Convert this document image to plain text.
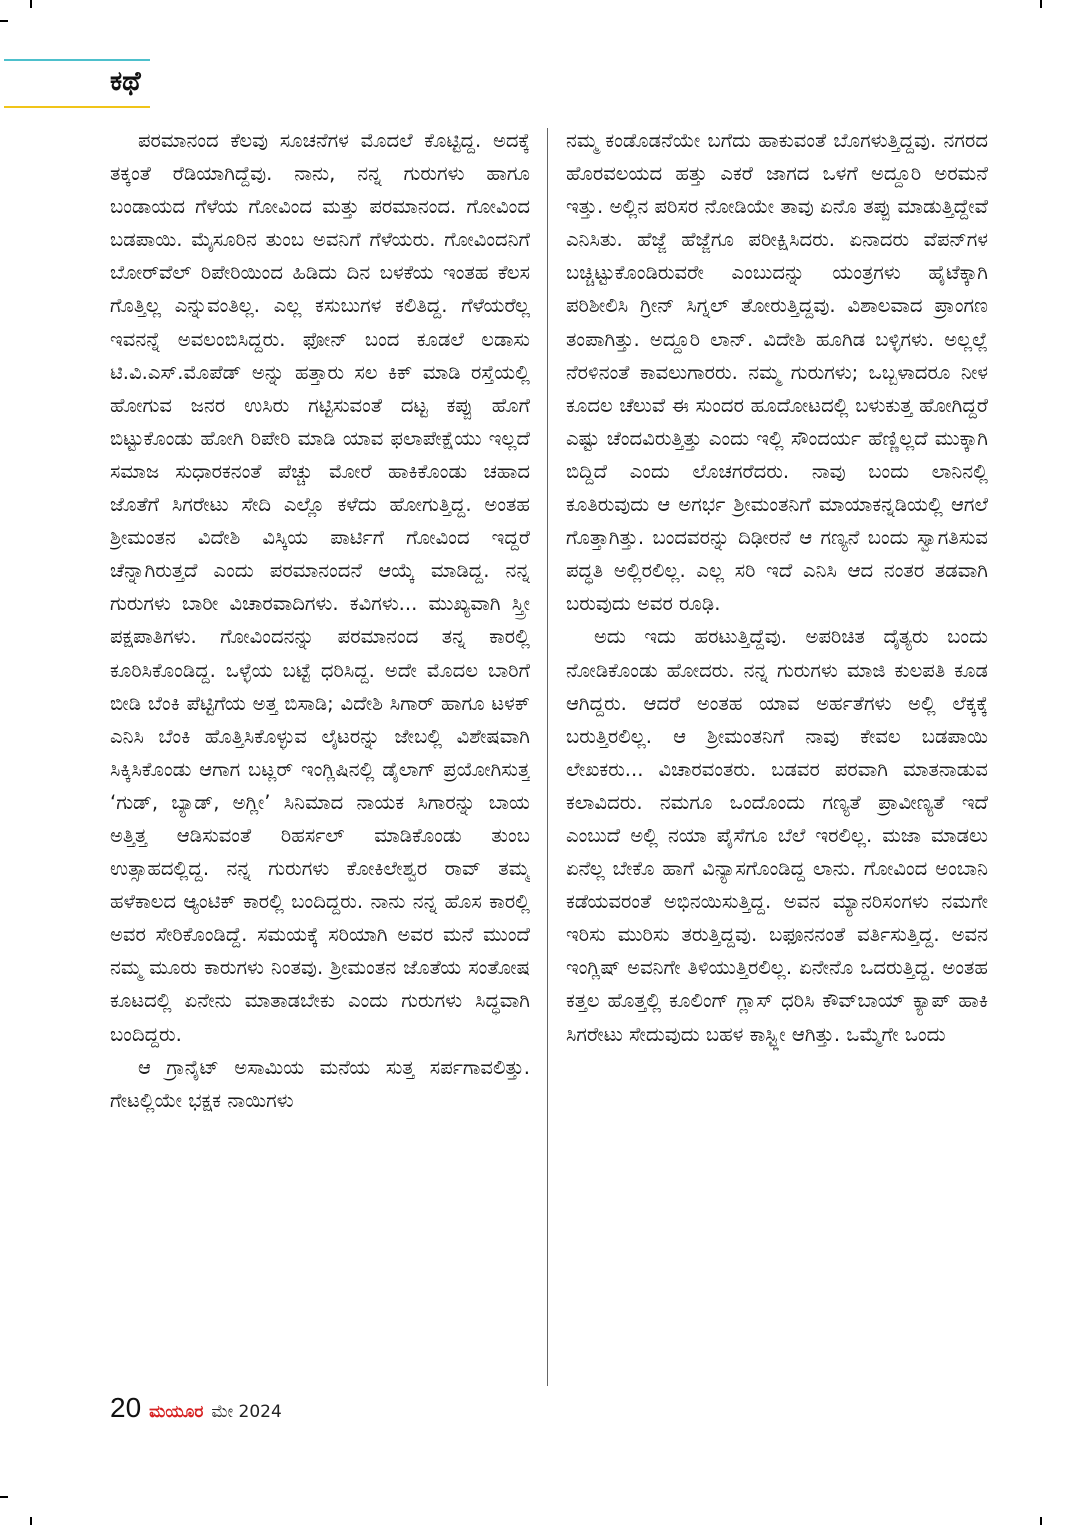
ಕಥೆ

ಪರಮಾನಂದ ಕೆಲವು ಸೂಚನೆಗಳ ಮೊದಲೆ ಕೊಟ್ಟಿದ್ದ. ಅದಕ್ಕೆ ತಕ್ಕಂತೆ ರೆಡಿಯಾಗಿದ್ದೆವು. ನಾನು, ನನ್ನ ಗುರುಗಳು ಹಾಗೂ ಬಂಡಾಯದ ಗೆಳೆಯ ಗೋವಿಂದ ಮತ್ತು ಪರಮಾನಂದ. ಗೋವಿಂದ ಬಡಪಾಯಿ. ಮೈಸೂರಿನ ತುಂಬ ಅವನಿಗೆ ಗೆಳೆಯರು. ಗೋವಿಂದನಿಗೆ ಬೋರ್‌ವೆಲ್ ರಿಪೇರಿಯಿಂದ ಹಿಡಿದು ದಿನ ಬಳಕೆಯ ಇಂತಹ ಕೆಲಸ ಗೊತ್ತಿಲ್ಲ ಎನ್ನುವಂತಿಲ್ಲ. ಎಲ್ಲ ಕಸುಬುಗಳ ಕಲಿತಿದ್ದ. ಗೆಳೆಯರೆಲ್ಲ ಇವನನ್ನೆ ಅವಲಂಬಿಸಿದ್ದರು. ಫೋನ್ ಬಂದ ಕೂಡಲೆ ಲಡಾಸು ಟಿ.ವಿ.ಎಸ್.ಮೊಪೆಡ್ ಅನ್ನು ಹತ್ತಾರು ಸಲ ಕಿಕ್ ಮಾಡಿ ರಸ್ತೆಯಲ್ಲಿ ಹೋಗುವ ಜನರ ಉಸಿರು ಗಟ್ಟಿಸುವಂತೆ ದಟ್ಟ ಕಪ್ಪು ಹೊಗೆ ಬಿಟ್ಟುಕೊಂಡು ಹೋಗಿ ರಿಪೇರಿ ಮಾಡಿ ಯಾವ ಫಲಾಪೇಕ್ಷೆಯು ಇಲ್ಲದೆ ಸಮಾಜ ಸುಧಾರಕನಂತೆ ಪೆಚ್ಚು ಮೋರೆ ಹಾಕಿಕೊಂಡು ಚಹಾದ ಜೊತೆಗೆ ಸಿಗರೇಟು ಸೇದಿ ಎಲ್ಲೊ ಕಳೆದು ಹೋಗುತ್ತಿದ್ದ. ಅಂತಹ ಶ್ರೀಮಂತನ ವಿದೇಶಿ ವಿಸ್ಕಿಯ ಪಾರ್ಟಿಗೆ ಗೋವಿಂದ ಇದ್ದರೆ ಚೆನ್ನಾಗಿರುತ್ತದೆ ಎಂದು ಪರಮಾನಂದನೆ ಆಯ್ಕೆ ಮಾಡಿದ್ದ. ನನ್ನ ಗುರುಗಳು ಬಾರೀ ವಿಚಾರವಾದಿಗಳು. ಕವಿಗಳು... ಮುಖ್ಯವಾಗಿ ಸ್ತ್ರೀ ಪಕ್ಷಪಾತಿಗಳು. ಗೋವಿಂದನನ್ನು ಪರಮಾನಂದ ತನ್ನ ಕಾರಲ್ಲಿ ಕೂರಿಸಿಕೊಂಡಿದ್ದ. ಒಳ್ಳೆಯ ಬಟ್ಟೆ ಧರಿಸಿದ್ದ. ಅದೇ ಮೊದಲ ಬಾರಿಗೆ ಬೀಡಿ ಬೆಂಕಿ ಪೆಟ್ಟಿಗೆಯ ಅತ್ತ ಬಿಸಾಡಿ; ವಿದೇಶಿ ಸಿಗಾರ್ ಹಾಗೂ ಟಳಕ್ ಎನಿಸಿ ಬೆಂಕಿ ಹೊತ್ತಿಸಿಕೊಳ್ಳುವ ಲೈಟರನ್ನು ಜೇಬಲ್ಲಿ ವಿಶೇಷವಾಗಿ ಸಿಕ್ಕಿಸಿಕೊಂಡು ಆಗಾಗ ಬಟ್ಲರ್ ಇಂಗ್ಲಿಷಿನಲ್ಲಿ ಡೈಲಾಗ್ ಪ್ರಯೋಗಿಸುತ್ತ ‘ಗುಡ್, ಬ್ಯಾಡ್, ಅಗ್ಲೀ’ ಸಿನಿಮಾದ ನಾಯಕ ಸಿಗಾರನ್ನು ಬಾಯ ಅತ್ತಿತ್ತ ಆಡಿಸುವಂತೆ ರಿಹರ್ಸಲ್ ಮಾಡಿಕೊಂಡು ತುಂಬ ಉತ್ಸಾಹದಲ್ಲಿದ್ದ. ನನ್ನ ಗುರುಗಳು ಕೋಕಿಲೇಶ್ವರ ರಾವ್ ತಮ್ಮ ಹಳೆಕಾಲದ ಆ್ಯಂಟಿಕ್ ಕಾರಲ್ಲಿ ಬಂದಿದ್ದರು. ನಾನು ನನ್ನ ಹೊಸ ಕಾರಲ್ಲಿ ಅವರ ಸೇರಿಕೊಂಡಿದ್ದೆ. ಸಮಯಕ್ಕೆ ಸರಿಯಾಗಿ ಅವರ ಮನೆ ಮುಂದೆ ನಮ್ಮ ಮೂರು ಕಾರುಗಳು ನಿಂತವು. ಶ್ರೀಮಂತನ ಜೊತೆಯ ಸಂತೋಷ ಕೂಟದಲ್ಲಿ ಏನೇನು ಮಾತಾಡಬೇಕು ಎಂದು ಗುರುಗಳು ಸಿದ್ಧವಾಗಿ ಬಂದಿದ್ದರು.

ಆ ಗ್ರಾನೈಟ್ ಅಸಾಮಿಯ ಮನೆಯ ಸುತ್ತ ಸರ್ಪಗಾವಲಿತ್ತು. ಗೇಟಲ್ಲಿಯೇ ಭಕ್ಷಕ ನಾಯಿಗಳು

ನಮ್ಮ ಕಂಡೊಡನೆಯೇ ಬಗೆದು ಹಾಕುವಂತೆ ಬೊಗಳುತ್ತಿದ್ದವು. ನಗರದ ಹೊರವಲಯದ ಹತ್ತು ಎಕರೆ ಜಾಗದ ಒಳಗೆ ಅದ್ದೂರಿ ಅರಮನೆ ಇತ್ತು. ಅಲ್ಲಿನ ಪರಿಸರ ನೋಡಿಯೇ ತಾವು ಏನೊ ತಪ್ಪು ಮಾಡುತ್ತಿದ್ದೇವೆ ಎನಿಸಿತು. ಹೆಜ್ಜೆ ಹೆಜ್ಜೆಗೂ ಪರೀಕ್ಷಿಸಿದರು. ಏನಾದರು ವೆಪನ್‌ಗಳ ಬಚ್ಚಿಟ್ಟುಕೊಂಡಿರುವರೇ ಎಂಬುದನ್ನು ಯಂತ್ರಗಳು ಹೈಟೆಕ್ಕಾಗಿ ಪರಿಶೀಲಿಸಿ ಗ್ರೀನ್ ಸಿಗ್ನಲ್ ತೋರುತ್ತಿದ್ದವು. ವಿಶಾಲವಾದ ಪ್ರಾಂಗಣ ತಂಪಾಗಿತ್ತು. ಅದ್ದೂರಿ ಲಾನ್. ವಿದೇಶಿ ಹೂಗಿಡ ಬಳ್ಳಿಗಳು. ಅಲ್ಲಲ್ಲೆ ನೆರಳಿನಂತೆ ಕಾವಲುಗಾರರು. ನಮ್ಮ ಗುರುಗಳು; ಒಬ್ಬಳಾದರೂ ನೀಳ ಕೂದಲ ಚೆಲುವೆ ಈ ಸುಂದರ ಹೂದೋಟದಲ್ಲಿ ಬಳುಕುತ್ತ ಹೋಗಿದ್ದರೆ ಎಷ್ಟು ಚೆಂದವಿರುತ್ತಿತ್ತು ಎಂದು ಇಲ್ಲಿ ಸೌಂದರ್ಯ ಹೆಣ್ಣಿಲ್ಲದೆ ಮುಕ್ಕಾಗಿ ಬಿದ್ದಿದೆ ಎಂದು ಲೊಚಗರೆದರು. ನಾವು ಬಂದು ಲಾನಿನಲ್ಲಿ ಕೂತಿರುವುದು ಆ ಅಗರ್ಭ ಶ್ರೀಮಂತನಿಗೆ ಮಾಯಾಕನ್ನಡಿಯಲ್ಲಿ ಆಗಲೆ ಗೊತ್ತಾಗಿತ್ತು. ಬಂದವರನ್ನು ದಿಢೀರನೆ ಆ ಗಣ್ಯನೆ ಬಂದು ಸ್ವಾಗತಿಸುವ ಪದ್ಧತಿ ಅಲ್ಲಿರಲಿಲ್ಲ. ಎಲ್ಲ ಸರಿ ಇದೆ ಎನಿಸಿ ಆದ ನಂತರ ತಡವಾಗಿ ಬರುವುದು ಅವರ ರೂಢಿ.

ಅದು ಇದು ಹರಟುತ್ತಿದ್ದೆವು. ಅಪರಿಚಿತ ದೈತ್ಯರು ಬಂದು ನೋಡಿಕೊಂಡು ಹೋದರು. ನನ್ನ ಗುರುಗಳು ಮಾಜಿ ಕುಲಪತಿ ಕೂಡ ಆಗಿದ್ದರು. ಆದರೆ ಅಂತಹ ಯಾವ ಅರ್ಹತೆಗಳು ಅಲ್ಲಿ ಲೆಕ್ಕಕ್ಕೆ ಬರುತ್ತಿರಲಿಲ್ಲ. ಆ ಶ್ರೀಮಂತನಿಗೆ ನಾವು ಕೇವಲ ಬಡಪಾಯಿ ಲೇಖಕರು... ವಿಚಾರವಂತರು. ಬಡವರ ಪರವಾಗಿ ಮಾತನಾಡುವ ಕಲಾವಿದರು. ನಮಗೂ ಒಂದೊಂದು ಗಣ್ಯತೆ ಪ್ರಾವೀಣ್ಯತೆ ಇದೆ ಎಂಬುದೆ ಅಲ್ಲಿ ನಯಾ ಪೈಸೆಗೂ ಬೆಲೆ ಇರಲಿಲ್ಲ. ಮಜಾ ಮಾಡಲು ಏನೆಲ್ಲ ಬೇಕೊ ಹಾಗೆ ವಿನ್ಯಾಸಗೊಂಡಿದ್ದ ಲಾನು. ಗೋವಿಂದ ಅಂಬಾನಿ ಕಡೆಯವರಂತೆ ಅಭಿನಯಿಸುತ್ತಿದ್ದ. ಅವನ ಮ್ಯಾನರಿಸಂಗಳು ನಮಗೇ ಇರಿಸು ಮುರಿಸು ತರುತ್ತಿದ್ದವು. ಬಫೂನನಂತೆ ವರ್ತಿಸುತ್ತಿದ್ದ. ಅವನ ಇಂಗ್ಲಿಷ್ ಅವನಿಗೇ ತಿಳಿಯುತ್ತಿರಲಿಲ್ಲ. ಏನೇನೊ ಒದರುತ್ತಿದ್ದ. ಅಂತಹ ಕತ್ತಲ ಹೊತ್ತಲ್ಲಿ ಕೂಲಿಂಗ್ ಗ್ಲಾಸ್ ಧರಿಸಿ ಕೌವ್‌ಬಾಯ್ ಕ್ಯಾಪ್ ಹಾಕಿ ಸಿಗರೇಟು ಸೇದುವುದು ಬಹಳ ಕಾಸ್ಟ್ಲೀ ಆಗಿತ್ತು. ಒಮ್ಮೆಗೇ ಒಂದು

20 ಮಯೂರ ಮೇ 2024
